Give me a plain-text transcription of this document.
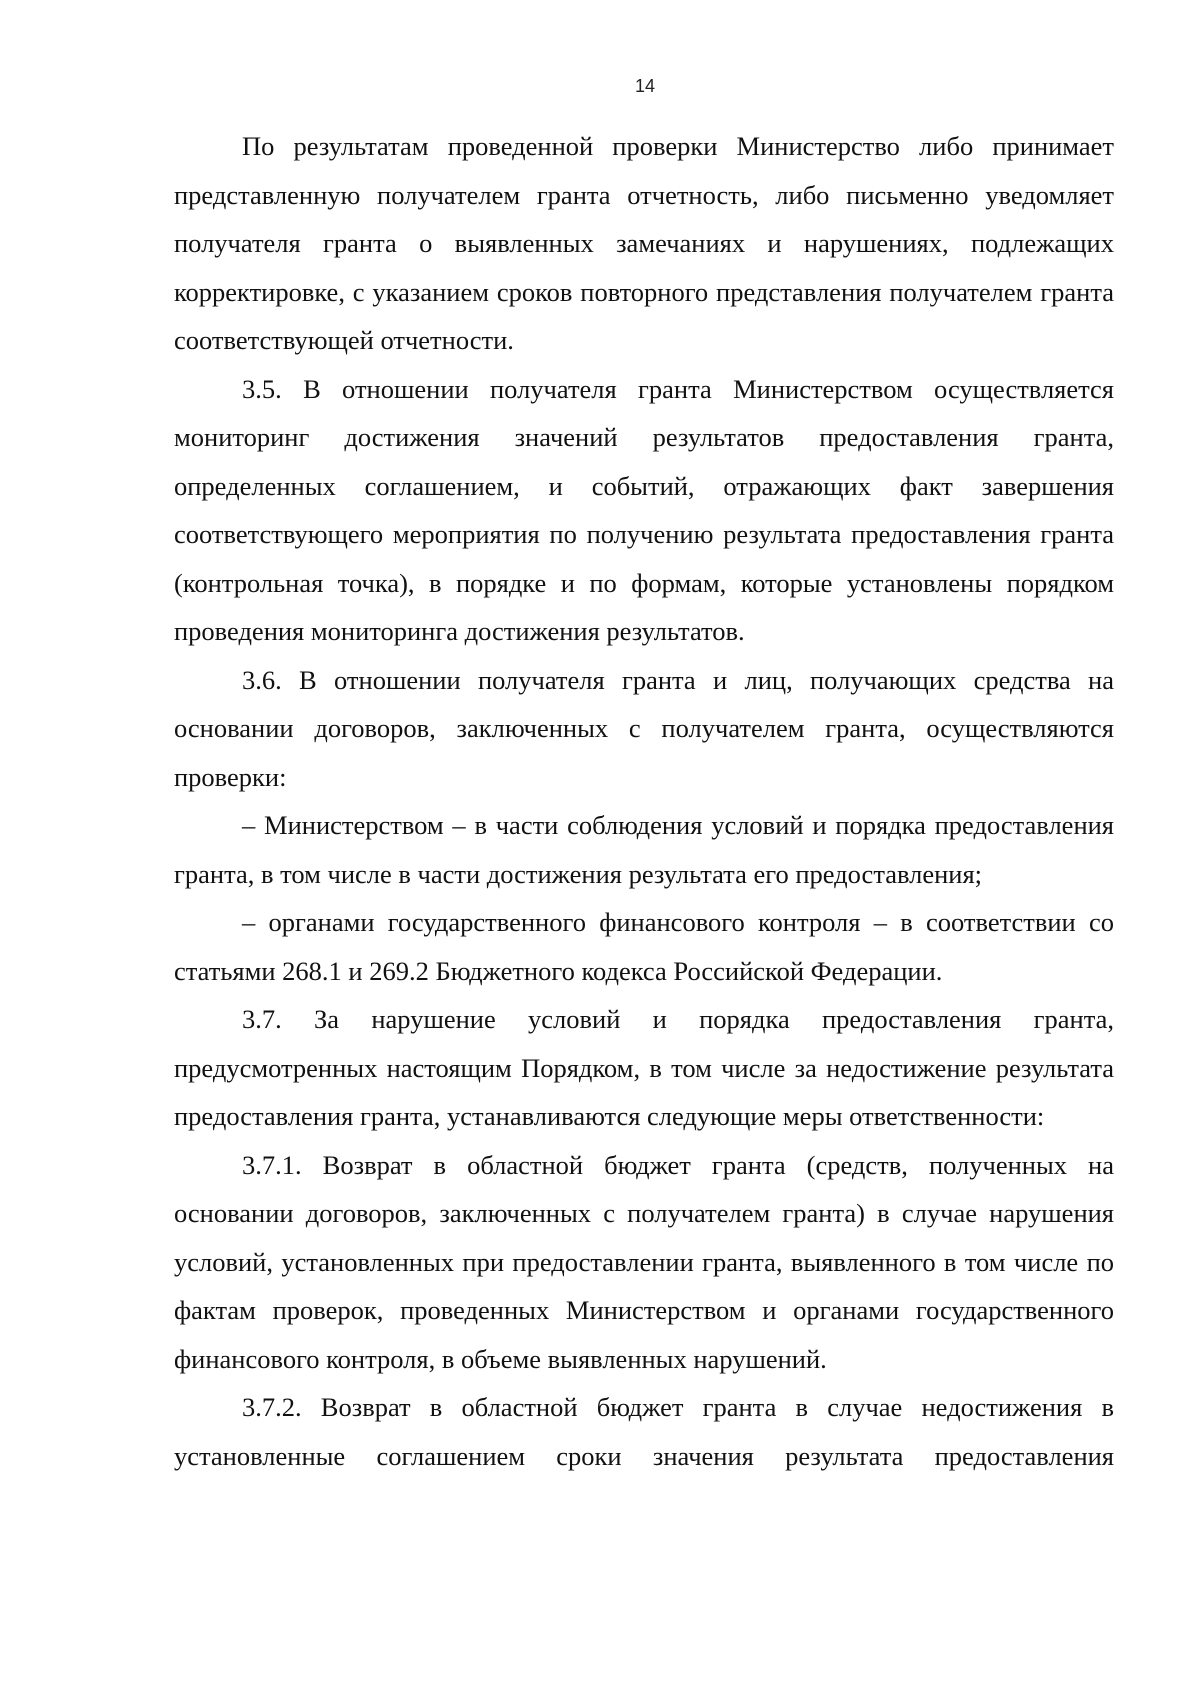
14

По результатам проведенной проверки Министерство либо принимает представленную получателем гранта отчетность, либо письменно уведомляет получателя гранта о выявленных замечаниях и нарушениях, подлежащих корректировке, с указанием сроков повторного представления получателем гранта соответствующей отчетности.

3.5. В отношении получателя гранта Министерством осуществляется мониторинг достижения значений результатов предоставления гранта, определенных соглашением, и событий, отражающих факт завершения соответствующего мероприятия по получению результата предоставления гранта (контрольная точка), в порядке и по формам, которые установлены порядком проведения мониторинга достижения результатов.

3.6. В отношении получателя гранта и лиц, получающих средства на основании договоров, заключенных с получателем гранта, осуществляются проверки:

– Министерством – в части соблюдения условий и порядка предоставления гранта, в том числе в части достижения результата его предоставления;

– органами государственного финансового контроля – в соответствии со статьями 268.1 и 269.2 Бюджетного кодекса Российской Федерации.

3.7. За нарушение условий и порядка предоставления гранта, предусмотренных настоящим Порядком, в том числе за недостижение результата предоставления гранта, устанавливаются следующие меры ответственности:

3.7.1. Возврат в областной бюджет гранта (средств, полученных на основании договоров, заключенных с получателем гранта) в случае нарушения условий, установленных при предоставлении гранта, выявленного в том числе по фактам проверок, проведенных Министерством и органами государственного финансового контроля, в объеме выявленных нарушений.

3.7.2. Возврат в областной бюджет гранта в случае недостижения в установленные соглашением сроки значения результата предоставления
